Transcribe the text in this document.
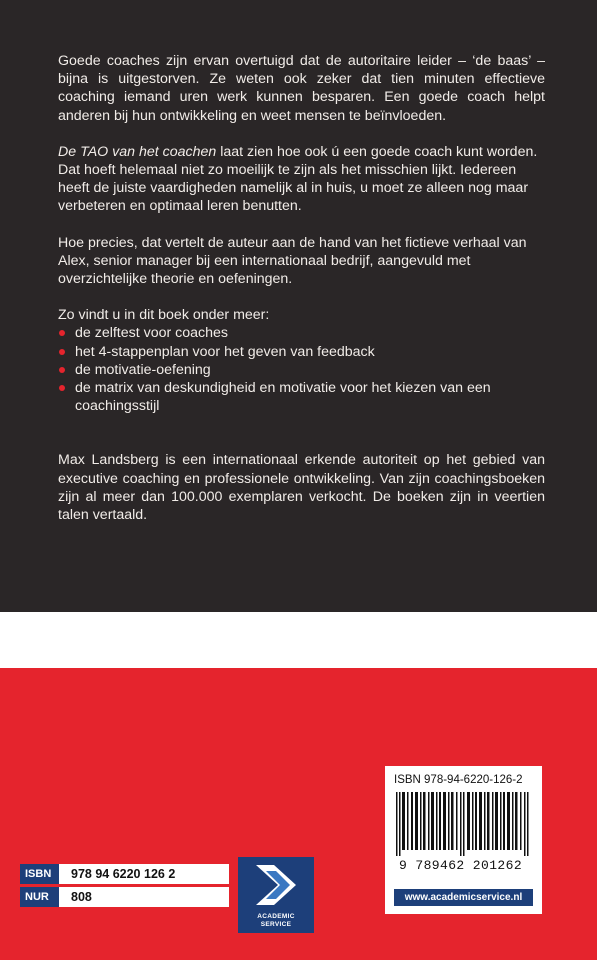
Goede coaches zijn ervan overtuigd dat de autoritaire leider – ‘de baas’ – bijna is uitgestorven. Ze weten ook zeker dat tien minuten effectieve coaching iemand uren werk kunnen besparen. Een goede coach helpt anderen bij hun ontwikkeling en weet mensen te beïnvloeden.

De TAO van het coachen laat zien hoe ook ú een goede coach kunt worden. Dat hoeft helemaal niet zo moeilijk te zijn als het misschien lijkt. Iedereen heeft de juiste vaardigheden namelijk al in huis, u moet ze alleen nog maar verbeteren en optimaal leren benutten.

Hoe precies, dat vertelt de auteur aan de hand van het fictieve verhaal van Alex, senior manager bij een internationaal bedrijf, aangevuld met overzichtelijke theorie en oefeningen.

Zo vindt u in dit boek onder meer:

de zelftest voor coaches
het 4-stappenplan voor het geven van feedback
de motivatie-oefening
de matrix van deskundigheid en motivatie voor het kiezen van een coachingsstijl

Max Landsberg is een internationaal erkende autoriteit op het gebied van executive coaching en professionele ontwikkeling. Van zijn coachingsboeken zijn al meer dan 100.000 exemplaren verkocht. De boeken zijn in veertien talen vertaald.

ISBN 978-94-6220-126-2
9 789462 201262
www.academicservice.nl
ISBN	978 94 6220 126 2

NUR	808
ACADEMIC
SERVICE
